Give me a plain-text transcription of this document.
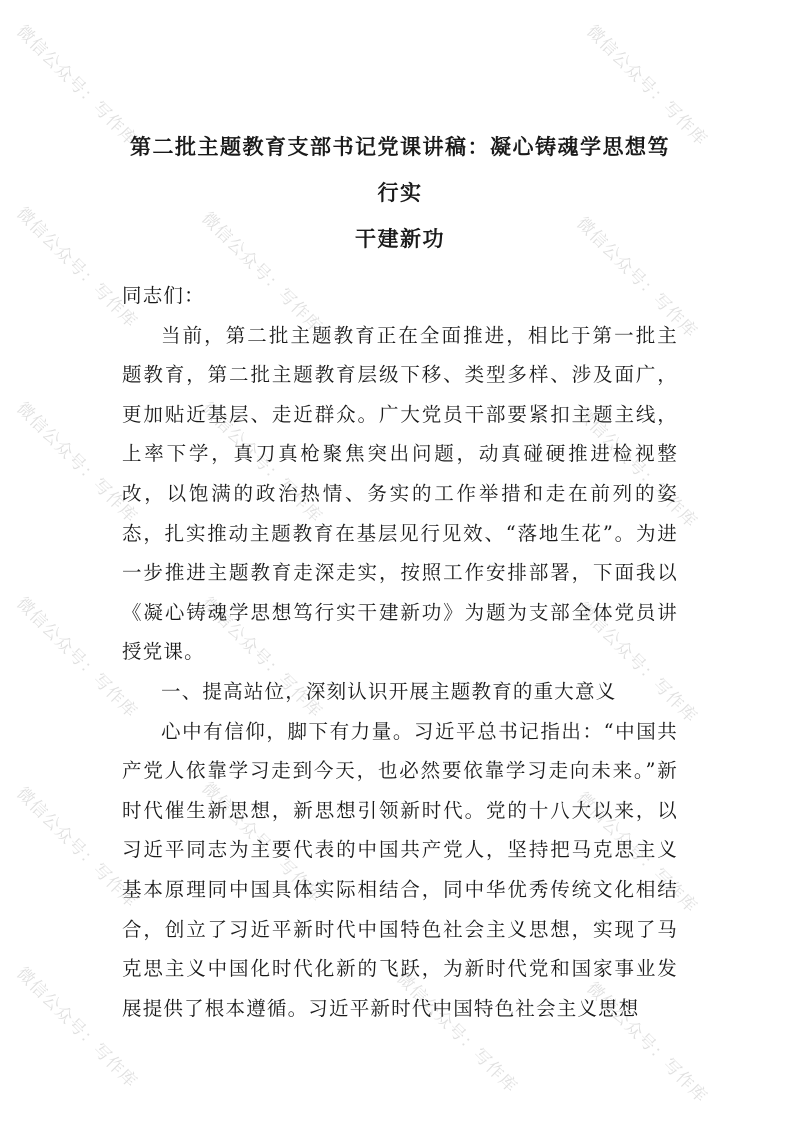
微信公众号：写作库	微信公众号：写作库
微信公众号：写作库	微信公众号：写作库	微信公众号：写作库
微信公众号：写作库	微信公众号：写作库	微信公众号：写作库
微信公众号：写作库	微信公众号：写作库	微信公众号：写作库
微信公众号：写作库	微信公众号：写作库	微信公众号：写作库
微信公众号：写作库	微信公众号：写作库	微信公众号：写作库
第二批主题教育支部书记党课讲稿：凝心铸魂学思想笃行实
干建新功

同志们：

当前，第二批主题教育正在全面推进，相比于第一批主题教育，第二批主题教育层级下移、类型多样、涉及面广，更加贴近基层、走近群众。广大党员干部要紧扣主题主线，上率下学，真刀真枪聚焦突出问题，动真碰硬推进检视整改，以饱满的政治热情、务实的工作举措和走在前列的姿态，扎实推动主题教育在基层见行见效、“落地生花”。为进一步推进主题教育走深走实，按照工作安排部署，下面我以《凝心铸魂学思想笃行实干建新功》为题为支部全体党员讲授党课。

一、提高站位，深刻认识开展主题教育的重大意义

心中有信仰，脚下有力量。习近平总书记指出：“中国共产党人依靠学习走到今天，也必然要依靠学习走向未来。”新时代催生新思想，新思想引领新时代。党的十八大以来，以习近平同志为主要代表的中国共产党人，坚持把马克思主义基本原理同中国具体实际相结合，同中华优秀传统文化相结合，创立了习近平新时代中国特色社会主义思想，实现了马克思主义中国化时代化新的飞跃，为新时代党和国家事业发展提供了根本遵循。习近平新时代中国特色社会主义思想
